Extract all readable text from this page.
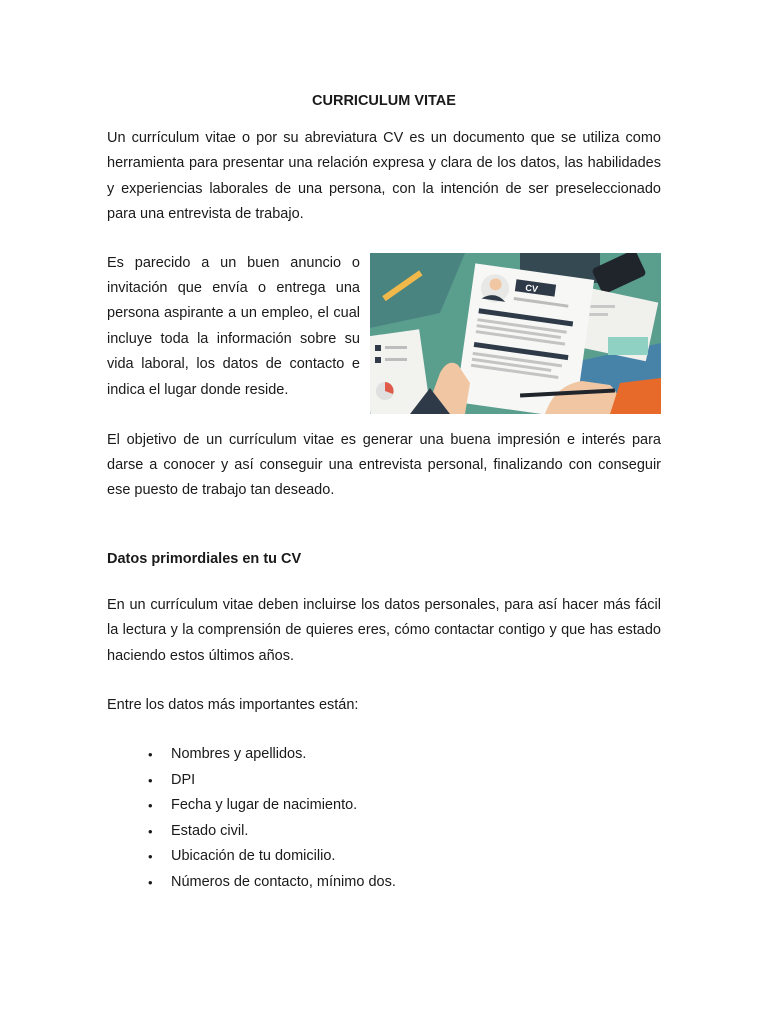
CURRICULUM VITAE

Un currículum vitae o por su abreviatura CV es un documento que se utiliza como herramienta para presentar una relación expresa y clara de los datos, las habilidades y experiencias laborales de una persona, con la intención de ser preseleccionado para una entrevista de trabajo.

CV

Es parecido a un buen anuncio o invitación que envía o entrega una persona aspirante a un empleo, el cual incluye toda la información sobre su vida laboral, los datos de contacto e indica el lugar donde reside.

El objetivo de un currículum vitae es generar una buena impresión e interés para darse a conocer y así conseguir una entrevista personal, finalizando con conseguir ese puesto de trabajo tan deseado.

Datos primordiales en tu CV

En un currículum vitae deben incluirse los datos personales, para así hacer más fácil la lectura y la comprensión de quieres eres, cómo contactar contigo y que has estado haciendo estos últimos años.

Entre los datos más importantes están:

• Nombres y apellidos.
• DPI
• Fecha y lugar de nacimiento.
• Estado civil.
• Ubicación de tu domicilio.
• Números de contacto, mínimo dos.
